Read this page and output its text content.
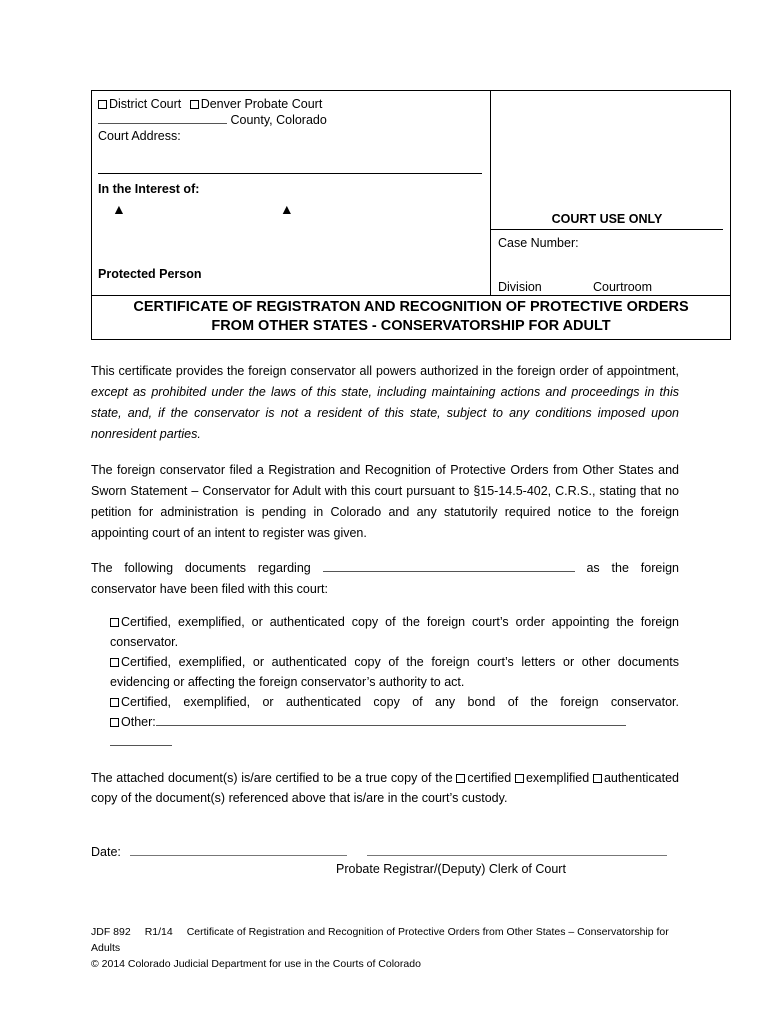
District Court Denver Probate Court
County, Colorado
Court Address:
In the Interest of:
▲	▲
Protected Person
COURT USE ONLY
Case Number:
Division	Courtroom
CERTIFICATE OF REGISTRATON AND RECOGNITION OF PROTECTIVE ORDERS
FROM OTHER STATES - CONSERVATORSHIP FOR ADULT
This certificate provides the foreign conservator all powers authorized in the foreign order of appointment, except as prohibited under the laws of this state, including maintaining actions and proceedings in this state, and, if the conservator is not a resident of this state, subject to any conditions imposed upon nonresident parties.
The foreign conservator filed a Registration and Recognition of Protective Orders from Other States and Sworn Statement – Conservator for Adult with this court pursuant to §15-14.5-402, C.R.S., stating that no petition for administration is pending in Colorado and any statutorily required notice to the foreign appointing court of an intent to register was given.
The following documents regarding	as the foreign
conservator have been filed with this court:
Certified, exemplified, or authenticated copy of the foreign court’s order appointing the foreign conservator.
Certified, exemplified, or authenticated copy of the foreign court’s letters or other documents evidencing or affecting the foreign conservator’s authority to act.
Certified, exemplified, or authenticated copy of any bond of the foreign conservator.
Other:
The attached document(s) is/are certified to be a true copy of the certified exemplified authenticated copy of the document(s) referenced above that is/are in the court’s custody.
Date:
Probate Registrar/(Deputy) Clerk of Court
JDF 892 R1/14 Certificate of Registration and Recognition of Protective Orders from Other States – Conservatorship for Adults
© 2014 Colorado Judicial Department for use in the Courts of Colorado
